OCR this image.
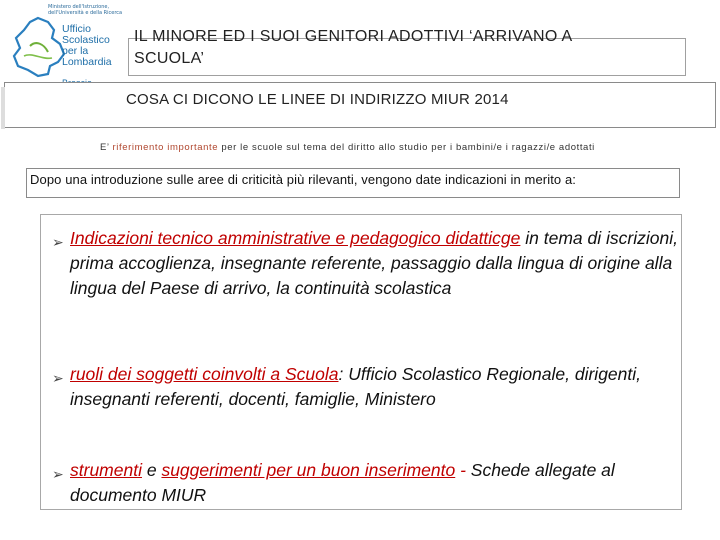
Ministero dell'Istruzione, dell'Università e della Ricerca
Ufficio
Scolastico
per la
Lombardia
IL MINORE ED I SUOI GENITORI ADOTTIVI ‘ARRIVANO A
SCUOLA’
COSA CI DICONO LE LINEE DI INDIRIZZO MIUR 2014
E’ riferimento importante per le scuole sul tema del diritto allo studio per i bambini/e i ragazzi/e adottati
Dopo una introduzione sulle aree di criticità più rilevanti, vengono date indicazioni in merito a:
➢ Indicazioni tecnico amministrative e pedagogico didatticge in tema di iscrizioni, prima accoglienza, insegnante referente, passaggio dalla lingua di origine alla lingua del Paese di arrivo, la continuità scolastica
➢ ruoli dei soggetti coinvolti a Scuola: Ufficio Scolastico Regionale, dirigenti, insegnanti referenti, docenti, famiglie, Ministero
➢ strumenti e suggerimenti per un buon inserimento - Schede allegate al documento MIUR
